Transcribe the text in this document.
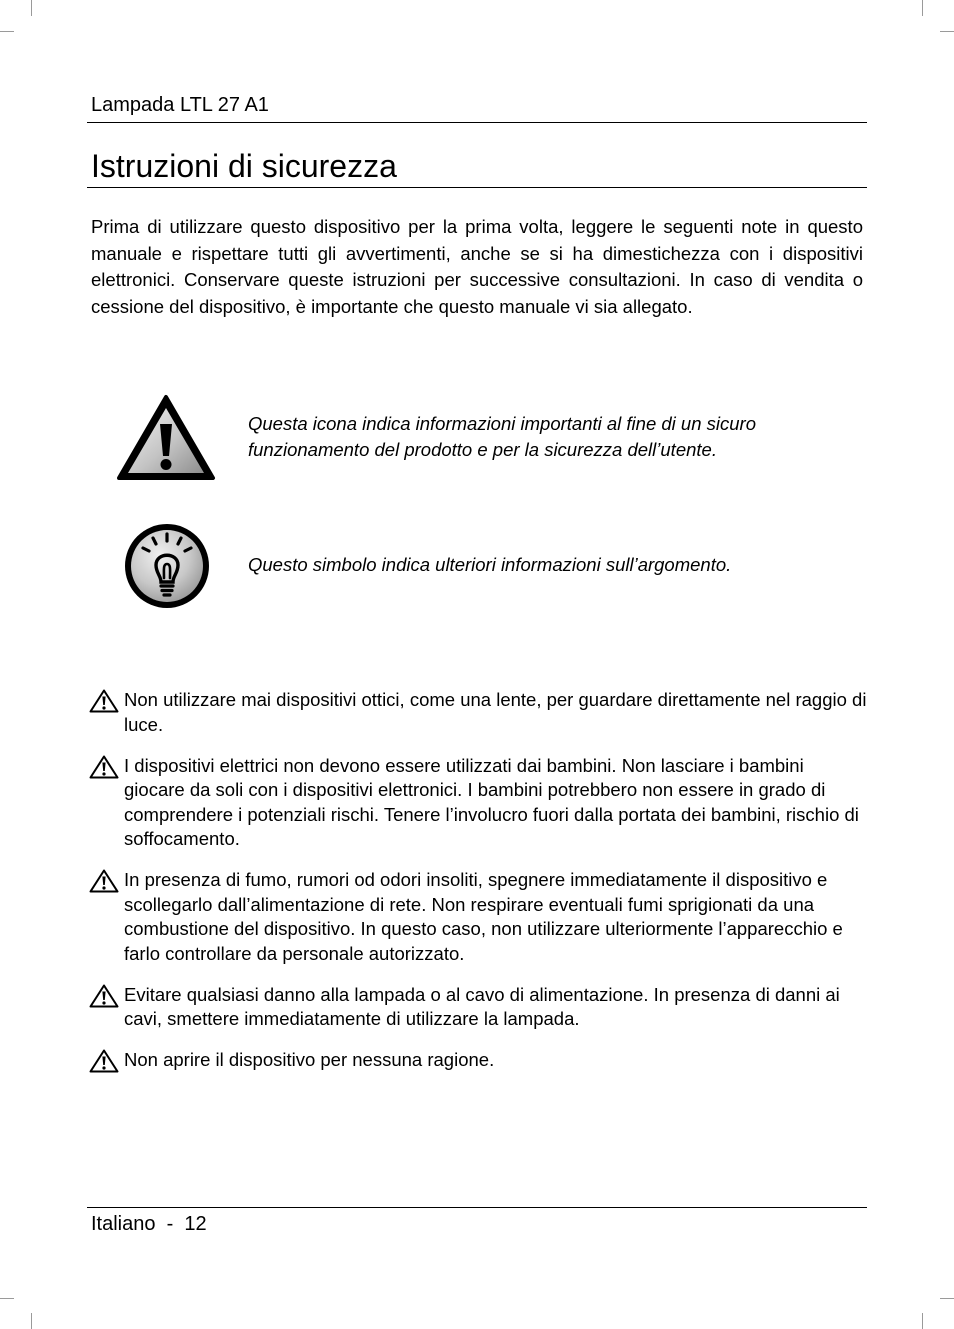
Lampada LTL 27 A1
Istruzioni di sicurezza

Prima di utilizzare questo dispositivo per la prima volta, leggere le seguenti note in questo manuale e rispettare tutti gli avvertimenti, anche se si ha dimestichezza con i dispositivi elettronici. Conservare queste istruzioni per successive consultazioni. In caso di vendita o cessione del dispositivo, è importante che questo manuale vi sia allegato.

Questa icona indica informazioni importanti al fine di un sicuro funzionamento del prodotto e per la sicurezza dell’utente.

Questo simbolo indica ulteriori informazioni sull’argomento.

Non utilizzare mai dispositivi ottici, come una lente, per guardare direttamente nel raggio di luce.
I dispositivi elettrici non devono essere utilizzati dai bambini. Non lasciare i bambini giocare da soli con i dispositivi elettronici. I bambini potrebbero non essere in grado di comprendere i potenziali rischi. Tenere l’involucro fuori dalla portata dei bambini, rischio di soffocamento.
In presenza di fumo, rumori od odori insoliti, spegnere immediatamente il dispositivo e scollegarlo dall’alimentazione di rete. Non respirare eventuali fumi sprigionati da una combustione del dispositivo. In questo caso, non utilizzare ulteriormente l’apparecchio e farlo controllare da personale autorizzato.
Evitare qualsiasi danno alla lampada o al cavo di alimentazione. In presenza di danni ai cavi, smettere immediatamente di utilizzare la lampada.
Non aprire il dispositivo per nessuna ragione.
Italiano  -  12
